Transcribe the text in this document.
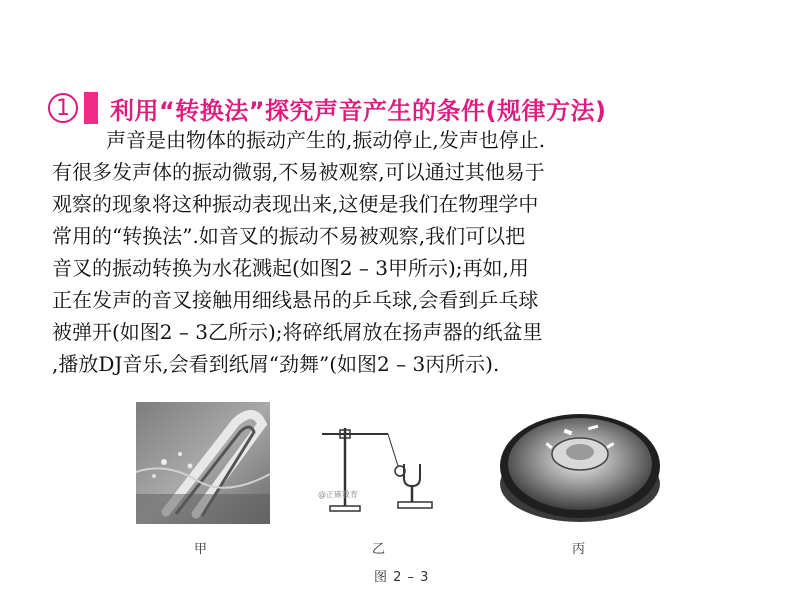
1	利用“转换法”探究声音产生的条件(规律方法)

声音是由物体的振动产生的,振动停止,发声也停止.

有很多发声体的振动微弱,不易被观察,可以通过其他易于

观察的现象将这种振动表现出来,这便是我们在物理学中

常用的“转换法”.如音叉的振动不易被观察,我们可以把

音叉的振动转换为水花溅起(如图2 – 3甲所示);再如,用

正在发声的音叉接触用细线悬吊的乒乓球,会看到乒乓球

被弹开(如图2 – 3乙所示);将碎纸屑放在扬声器的纸盆里

,播放DJ音乐,会看到纸屑“劲舞”(如图2 – 3丙所示).

@正確教育
甲	乙	丙
图 2 – 3
